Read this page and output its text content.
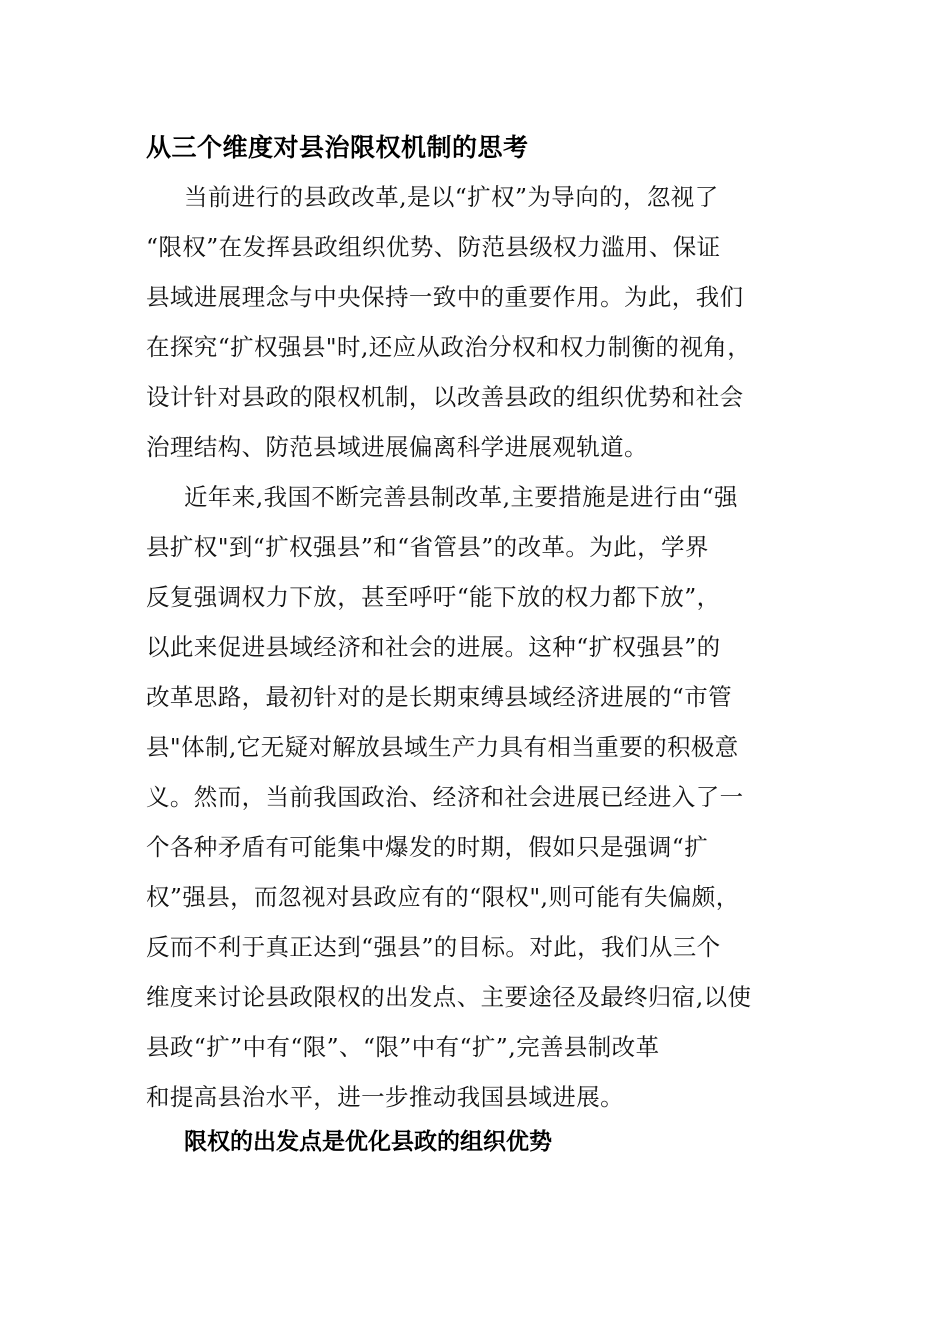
从三个维度对县治限权机制的思考
当前进行的县政改革,是以“扩权”为导向的，忽视了
“限权”在发挥县政组织优势、防范县级权力滥用、保证
县域进展理念与中央保持一致中的重要作用。为此，我们
在探究“扩权强县"时,还应从政治分权和权力制衡的视角，
设计针对县政的限权机制，以改善县政的组织优势和社会
治理结构、防范县域进展偏离科学进展观轨道。
近年来,我国不断完善县制改革,主要措施是进行由“强
县扩权"到“扩权强县”和“省管县”的改革。为此，学界
反复强调权力下放，甚至呼吁“能下放的权力都下放”，
以此来促进县域经济和社会的进展。这种“扩权强县”的
改革思路，最初针对的是长期束缚县域经济进展的“市管
县"体制,它无疑对解放县域生产力具有相当重要的积极意
义。然而，当前我国政治、经济和社会进展已经进入了一
个各种矛盾有可能集中爆发的时期，假如只是强调“扩
权”强县，而忽视对县政应有的“限权",则可能有失偏颇，
反而不利于真正达到“强县”的目标。对此，我们从三个
维度来讨论县政限权的出发点、主要途径及最终归宿,以使
县政“扩”中有“限”、“限”中有“扩”,完善县制改革
和提高县治水平，进一步推动我国县域进展。
限权的出发点是优化县政的组织优势
